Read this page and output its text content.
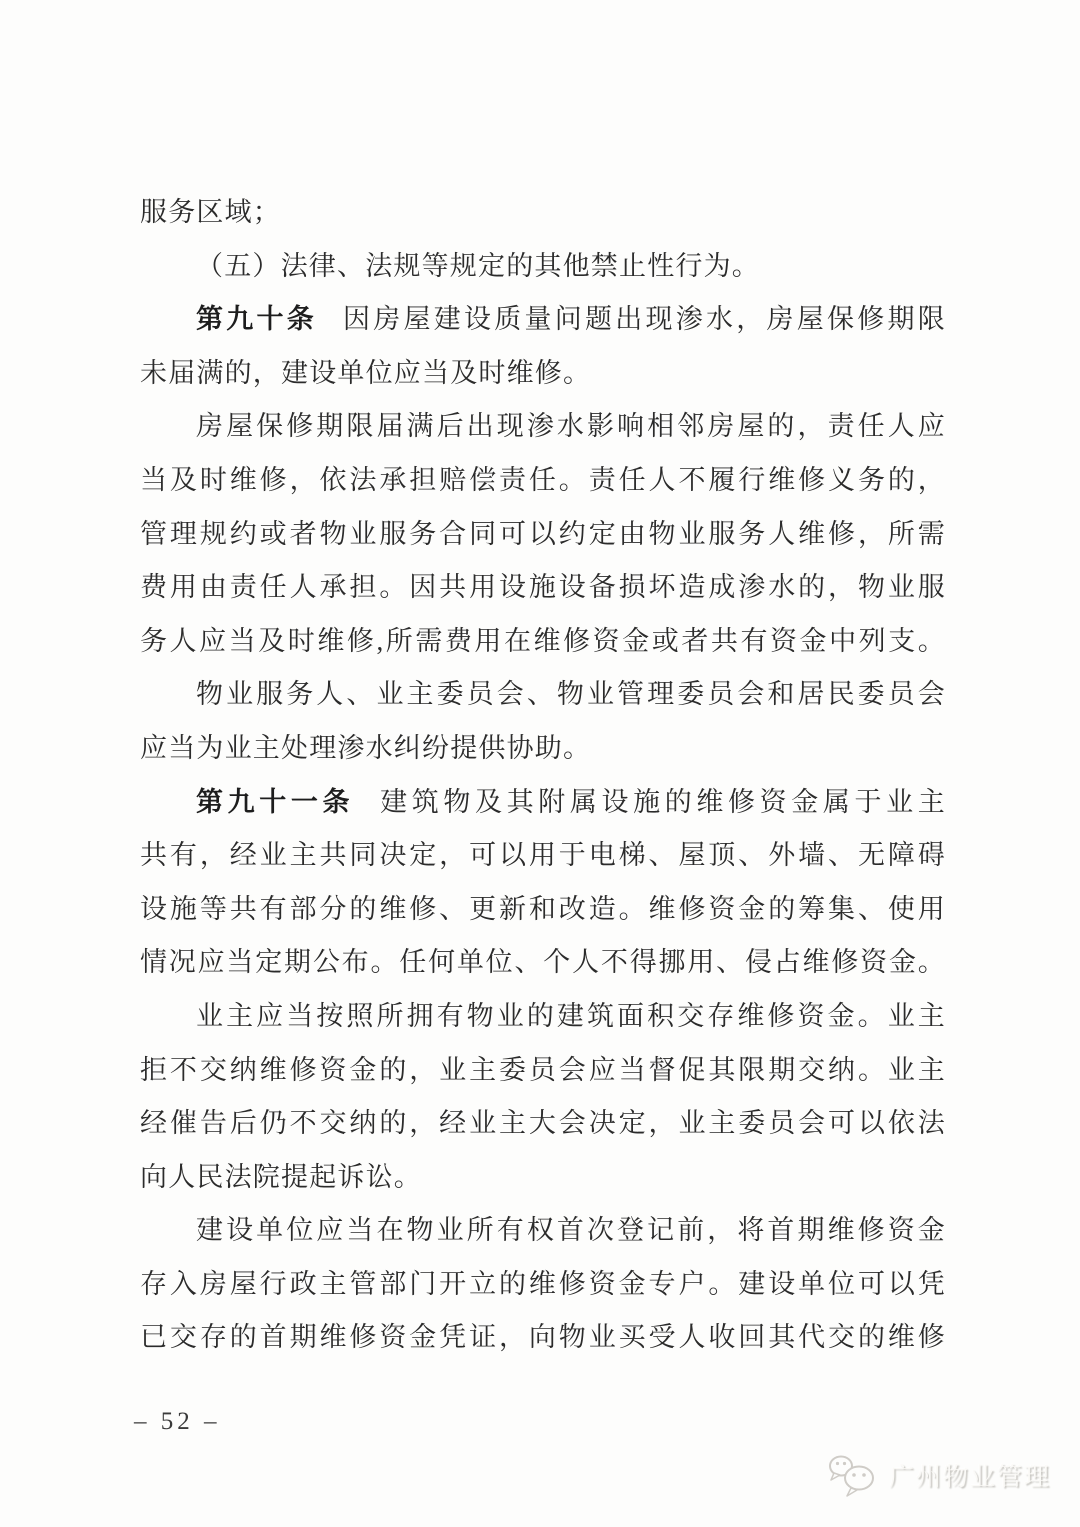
服务区域；
（五）法律、法规等规定的其他禁止性行为。
第九十条 因房屋建设质量问题出现渗水，房屋保修期限
未届满的，建设单位应当及时维修。
房屋保修期限届满后出现渗水影响相邻房屋的，责任人应
当及时维修，依法承担赔偿责任。责任人不履行维修义务的，
管理规约或者物业服务合同可以约定由物业服务人维修，所需
费用由责任人承担。因共用设施设备损坏造成渗水的，物业服
务人应当及时维修,所需费用在维修资金或者共有资金中列支。
物业服务人、业主委员会、物业管理委员会和居民委员会
应当为业主处理渗水纠纷提供协助。
第九十一条 建筑物及其附属设施的维修资金属于业主
共有，经业主共同决定，可以用于电梯、屋顶、外墙、无障碍
设施等共有部分的维修、更新和改造。维修资金的筹集、使用
情况应当定期公布。任何单位、个人不得挪用、侵占维修资金。
业主应当按照所拥有物业的建筑面积交存维修资金。业主
拒不交纳维修资金的，业主委员会应当督促其限期交纳。业主
经催告后仍不交纳的，经业主大会决定，业主委员会可以依法
向人民法院提起诉讼。
建设单位应当在物业所有权首次登记前，将首期维修资金
存入房屋行政主管部门开立的维修资金专户。建设单位可以凭
已交存的首期维修资金凭证，向物业买受人收回其代交的维修
– 52 –
广州物业管理
